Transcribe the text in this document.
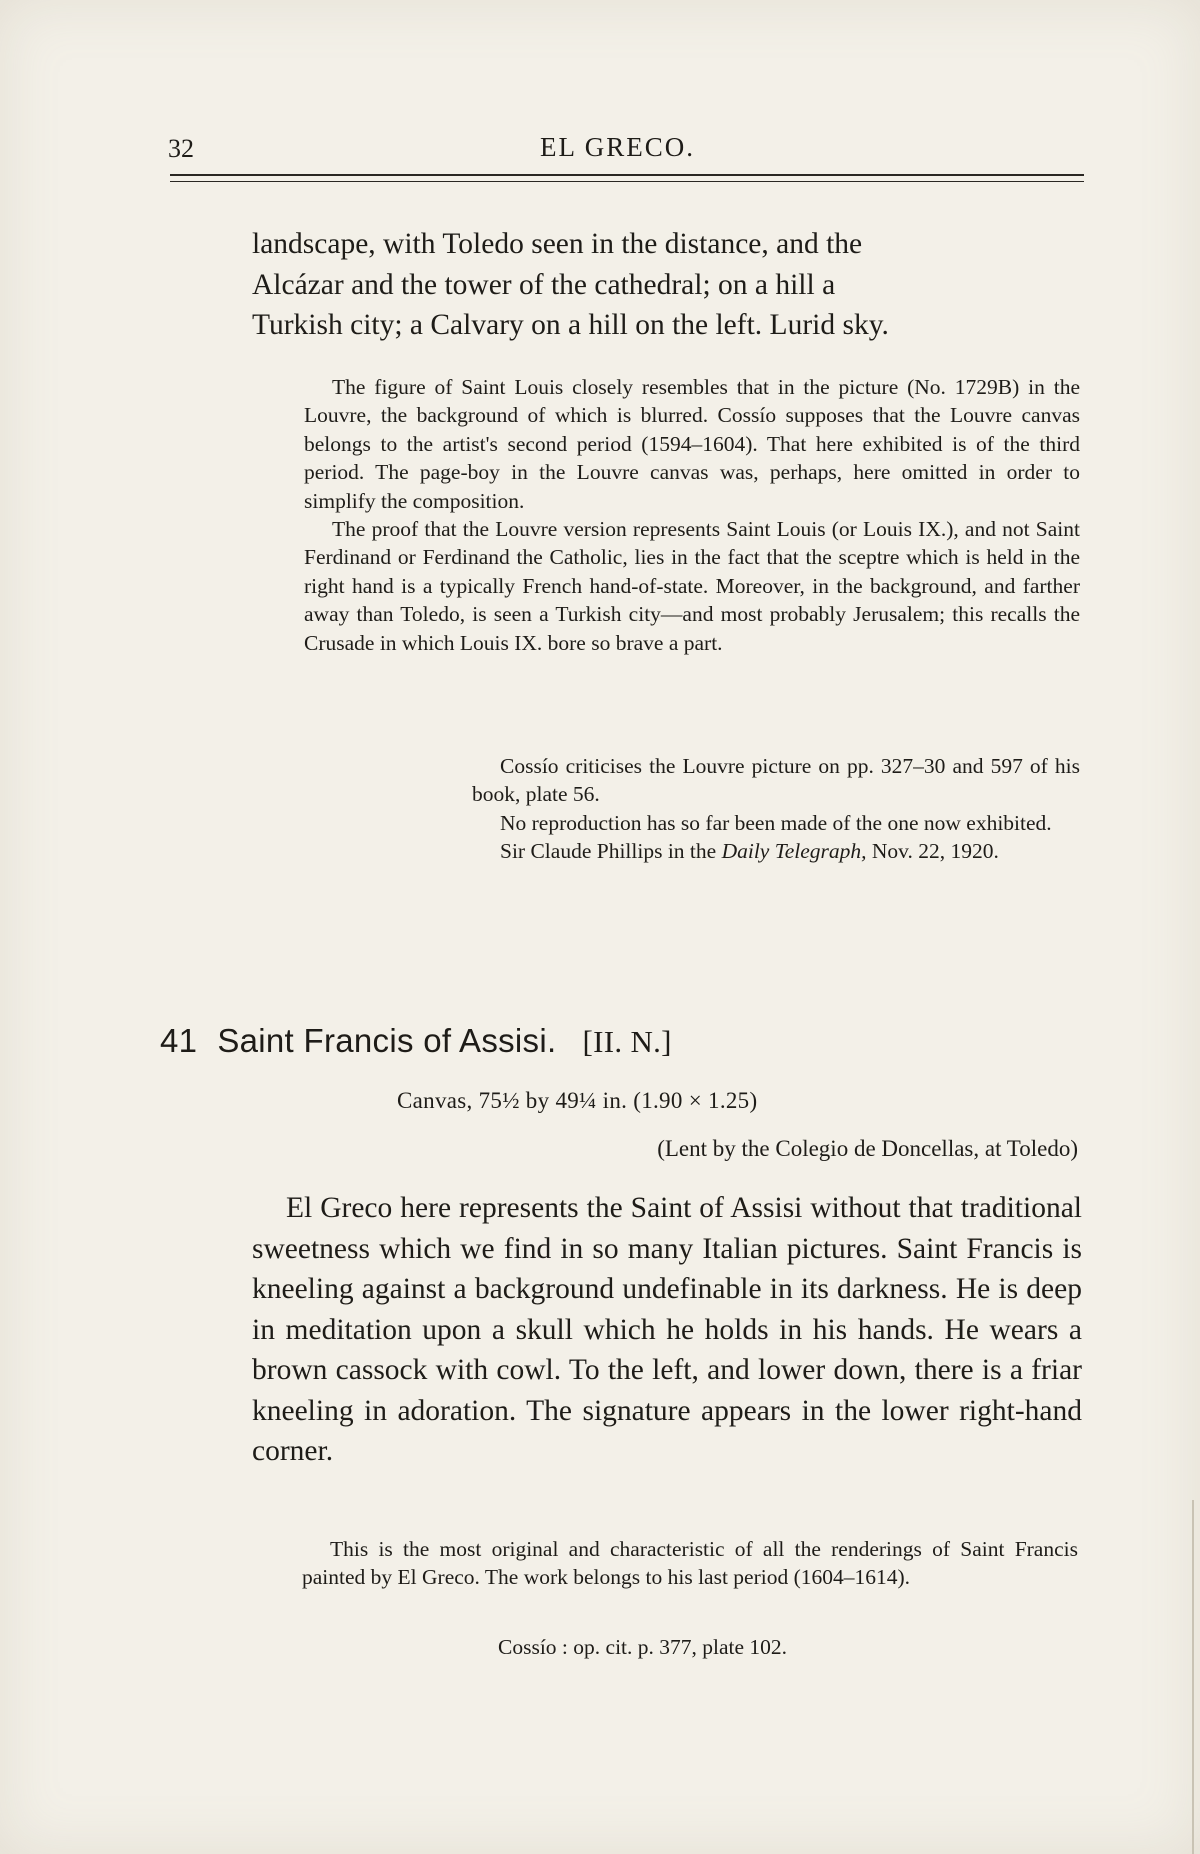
32	EL GRECO.

landscape, with Toledo seen in the distance, and the

Alcázar and the tower of the cathedral; on a hill a

Turkish city; a Calvary on a hill on the left. Lurid sky.

The figure of Saint Louis closely resembles that in the picture (No. 1729B) in the Louvre, the background of which is blurred. Cossío supposes that the Louvre canvas belongs to the artist's second period (1594–1604). That here exhibited is of the third period. The page-boy in the Louvre canvas was, perhaps, here omitted in order to simplify the composition.

The proof that the Louvre version represents Saint Louis (or Louis IX.), and not Saint Ferdinand or Ferdinand the Catholic, lies in the fact that the sceptre which is held in the right hand is a typically French hand-of-state. Moreover, in the background, and farther away than Toledo, is seen a Turkish city—and most probably Jerusalem; this recalls the Crusade in which Louis IX. bore so brave a part.

Cossío criticises the Louvre picture on pp. 327–30 and 597 of his book, plate 56.

No reproduction has so far been made of the one now exhibited.

Sir Claude Phillips in the Daily Telegraph, Nov. 22, 1920.

41 Saint Francis of Assisi. [II. N.]
Canvas, 75½ by 49¼ in. (1.90 × 1.25)
(Lent by the Colegio de Doncellas, at Toledo)

El Greco here represents the Saint of Assisi without that traditional sweetness which we find in so many Italian pictures. Saint Francis is kneeling against a background undefinable in its darkness. He is deep in meditation upon a skull which he holds in his hands. He wears a brown cassock with cowl. To the left, and lower down, there is a friar kneeling in adoration. The signature appears in the lower right-hand corner.

This is the most original and characteristic of all the renderings of Saint Francis painted by El Greco. The work belongs to his last period (1604–1614).

Cossío : op. cit. p. 377, plate 102.
